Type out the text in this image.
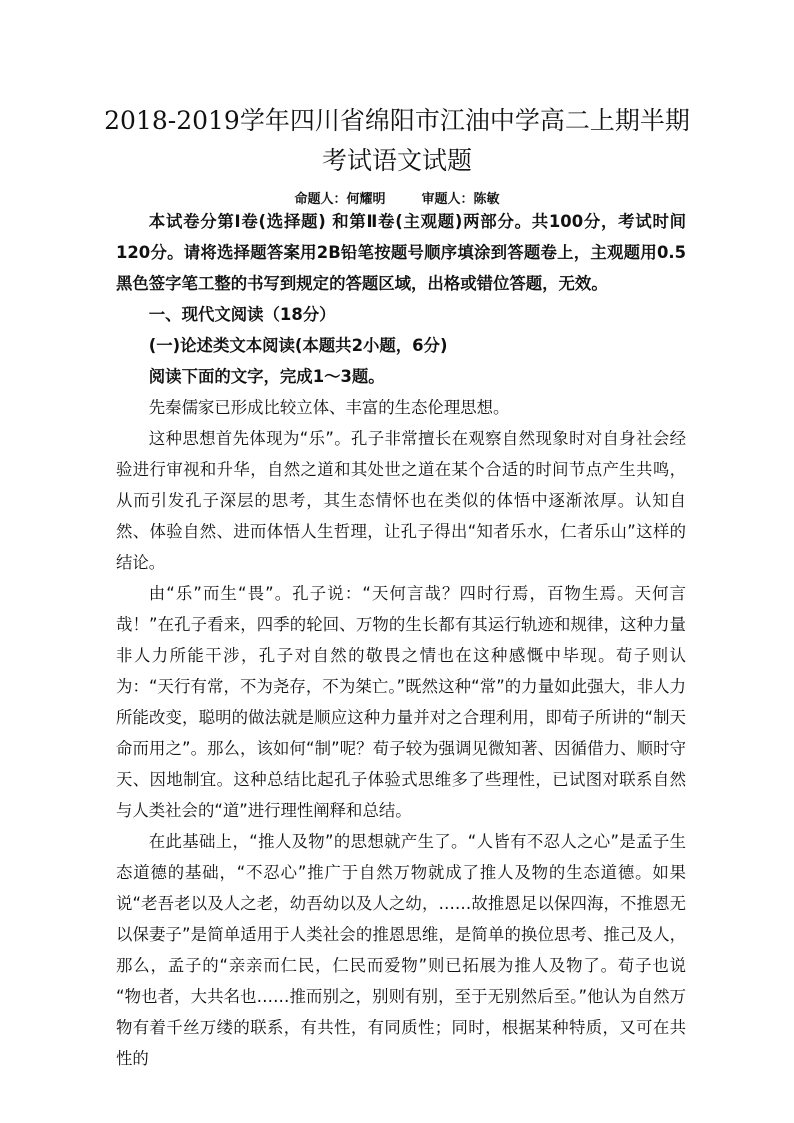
2018-2019学年四川省绵阳市江油中学高二上期半期
考试语文试题
命题人：何耀明	审题人：陈敏

本试卷分第Ⅰ卷(选择题) 和第Ⅱ卷(主观题)两部分。共100分，考试时间120分。请将选择题答案用2B铅笔按题号顺序填涂到答题卷上，主观题用0.5黑色签字笔工整的书写到规定的答题区域，出格或错位答题，无效。

一、现代文阅读（18分）

(一)论述类文本阅读(本题共2小题，6分)

阅读下面的文字，完成1～3题。

先秦儒家已形成比较立体、丰富的生态伦理思想。

这种思想首先体现为“乐”。孔子非常擅长在观察自然现象时对自身社会经验进行审视和升华，自然之道和其处世之道在某个合适的时间节点产生共鸣，从而引发孔子深层的思考，其生态情怀也在类似的体悟中逐渐浓厚。认知自然、体验自然、进而体悟人生哲理，让孔子得出“知者乐水，仁者乐山”这样的结论。

由“乐”而生“畏”。孔子说：“天何言哉？四时行焉，百物生焉。天何言哉！”在孔子看来，四季的轮回、万物的生长都有其运行轨迹和规律，这种力量非人力所能干涉，孔子对自然的敬畏之情也在这种感慨中毕现。荀子则认为：“天行有常，不为尧存，不为桀亡。”既然这种“常”的力量如此强大，非人力所能改变，聪明的做法就是顺应这种力量并对之合理利用，即荀子所讲的“制天命而用之”。那么，该如何“制”呢？荀子较为强调见微知著、因循借力、顺时守天、因地制宜。这种总结比起孔子体验式思维多了些理性，已试图对联系自然与人类社会的“道”进行理性阐释和总结。

在此基础上，“推人及物”的思想就产生了。“人皆有不忍人之心”是孟子生态道德的基础，“不忍心”推广于自然万物就成了推人及物的生态道德。如果说“老吾老以及人之老，幼吾幼以及人之幼，……故推恩足以保四海，不推恩无以保妻子”是简单适用于人类社会的推恩思维，是简单的换位思考、推己及人，那么，孟子的“亲亲而仁民，仁民而爱物”则已拓展为推人及物了。荀子也说 “物也者，大共名也……推而别之，别则有别，至于无别然后至。”他认为自然万物有着千丝万缕的联系，有共性，有同质性；同时，根据某种特质，又可在共性的
